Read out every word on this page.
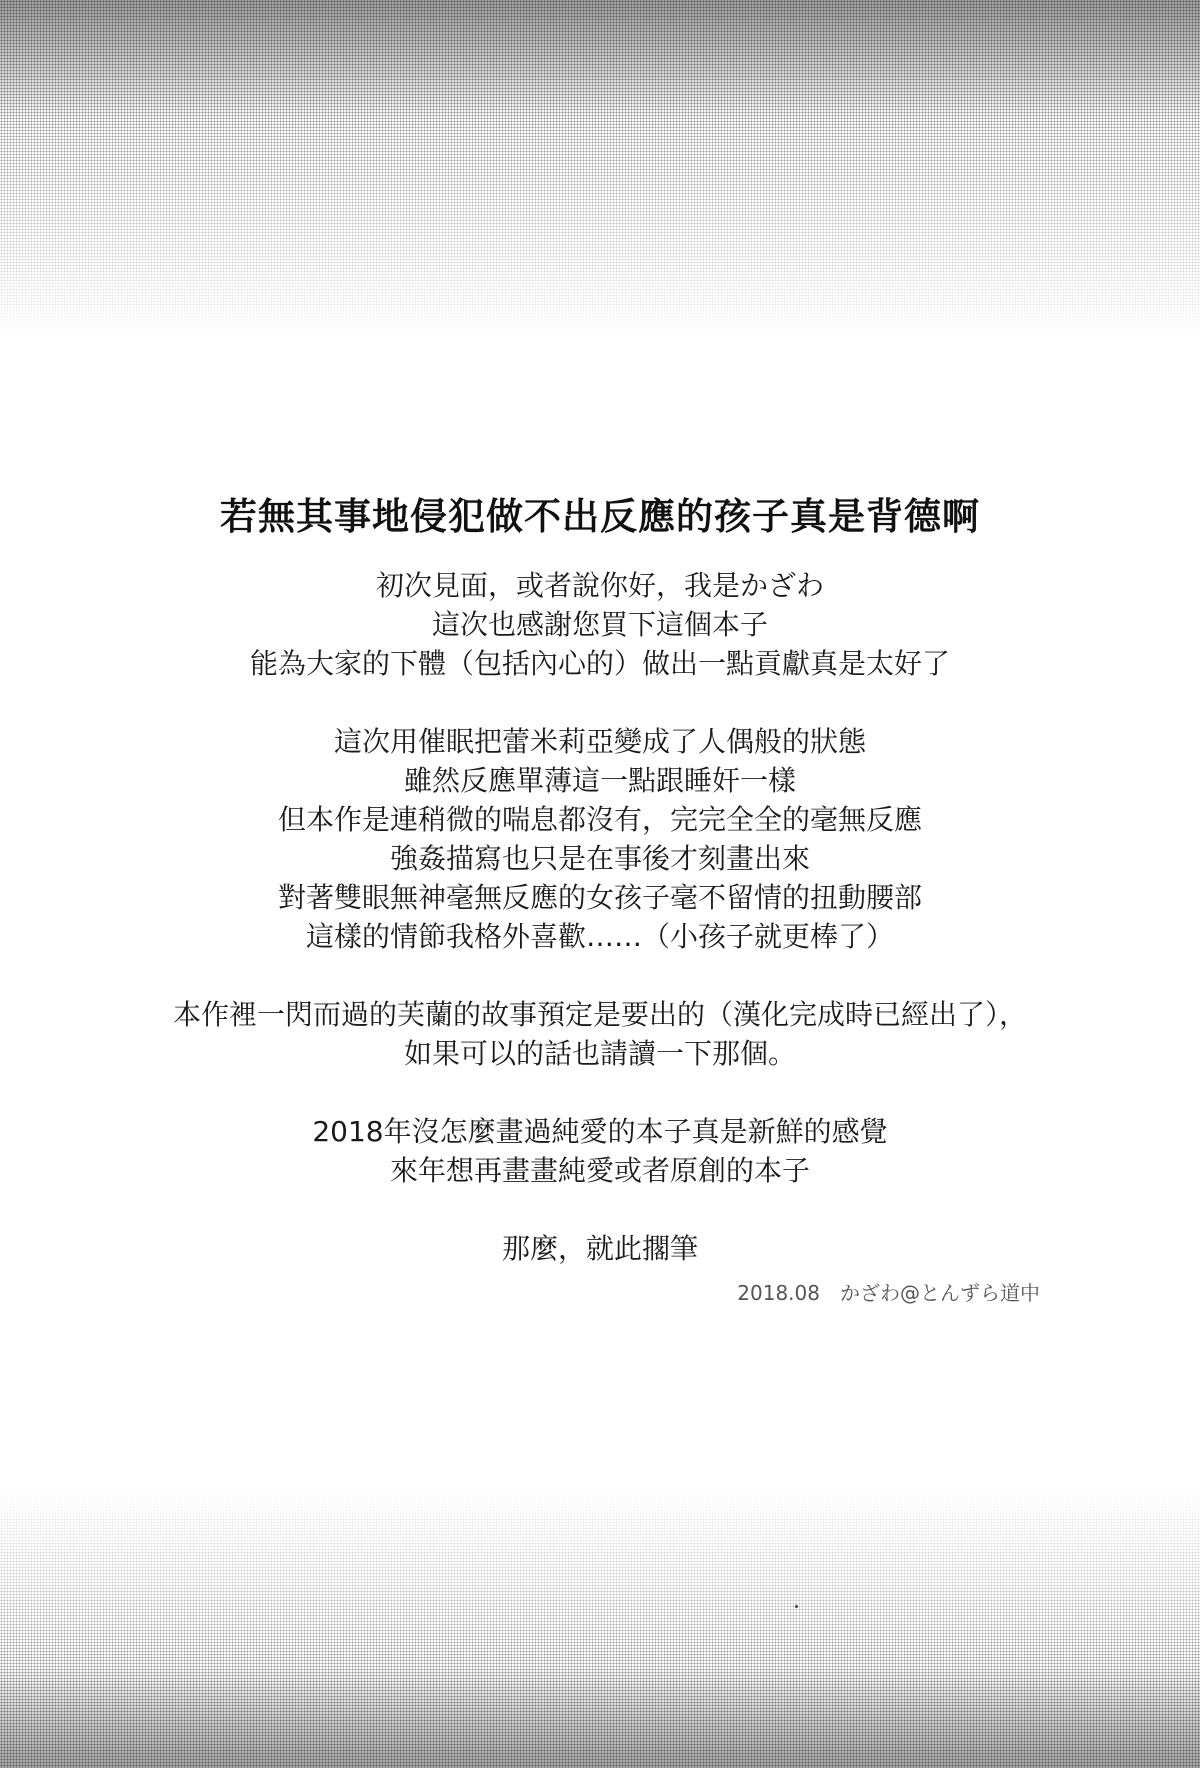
若無其事地侵犯做不出反應的孩子真是背德啊

初次見面，或者說你好，我是かざわ
這次也感謝您買下這個本子
能為大家的下體（包括內心的）做出一點貢獻真是太好了

這次用催眠把蕾米莉亞變成了人偶般的狀態
雖然反應單薄這一點跟睡奸一樣
但本作是連稍微的喘息都沒有，完完全全的毫無反應
強姦描寫也只是在事後才刻畫出來
對著雙眼無神毫無反應的女孩子毫不留情的扭動腰部
這樣的情節我格外喜歡……（小孩子就更棒了）

本作裡一閃而過的芙蘭的故事預定是要出的（漢化完成時已經出了），
如果可以的話也請讀一下那個。

2018年沒怎麼畫過純愛的本子真是新鮮的感覺
來年想再畫畫純愛或者原創的本子

那麼，就此擱筆

2018.08　かざわ@とんずら道中
